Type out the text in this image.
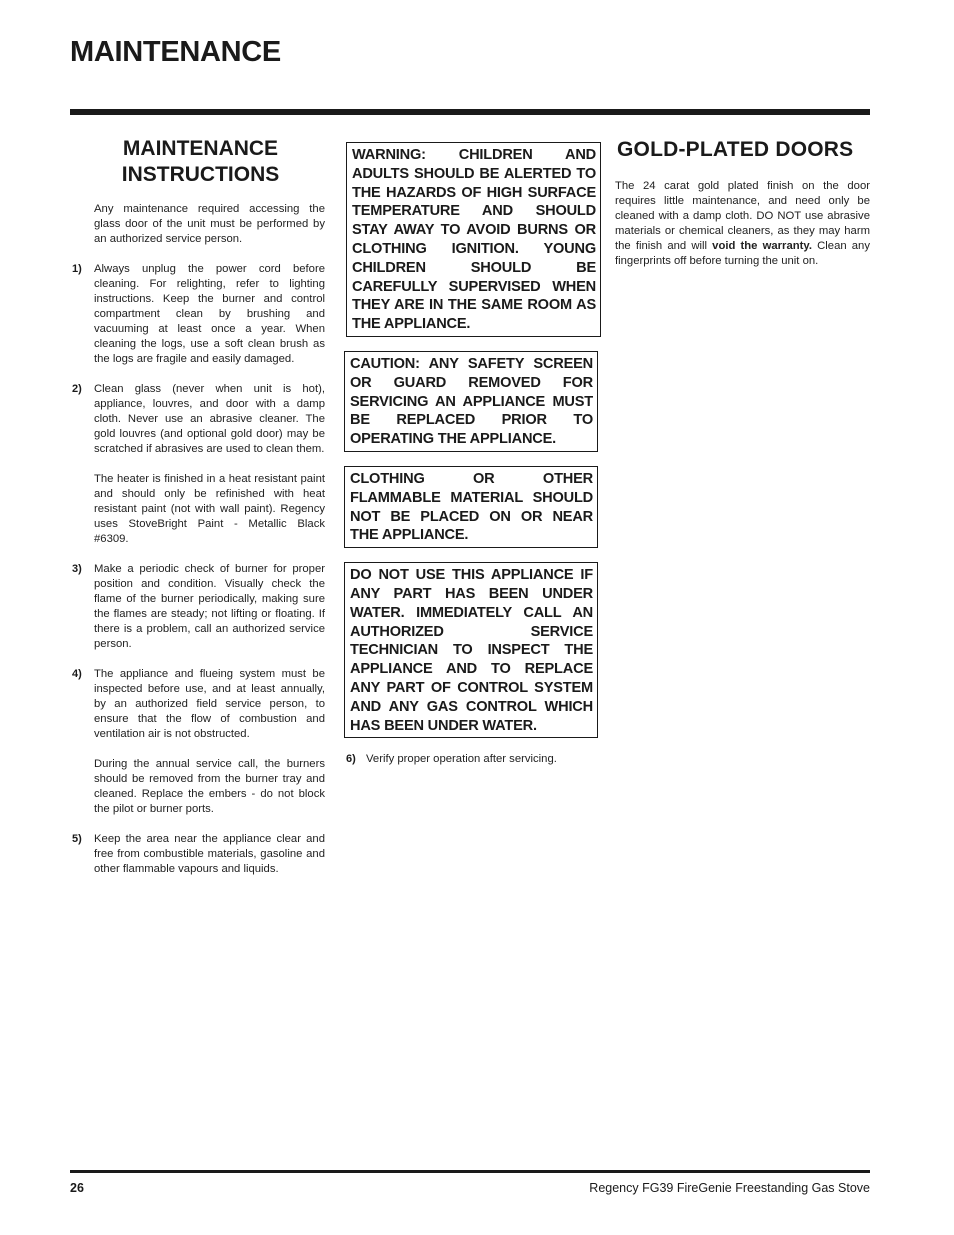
MAINTENANCE
MAINTENANCE
INSTRUCTIONS
Any maintenance required accessing the glass door of the unit must be performed by an authorized service person.
1) Always unplug the power cord before cleaning. For relighting, refer to lighting instructions. Keep the burner and control compartment clean by brushing and vacuuming at least once a year. When cleaning the logs, use a soft clean brush as the logs are fragile and easily damaged.
2) Clean glass (never when unit is hot), appliance, louvres, and door with a damp cloth. Never use an abrasive cleaner. The gold louvres (and optional gold door) may be scratched if abrasives are used to clean them.
The heater is finished in a heat resistant paint and should only be refinished with heat resistant paint (not with wall paint). Regency uses StoveBright Paint - Metallic Black #6309.
3) Make a periodic check of burner for proper position and condition. Visually check the flame of the burner periodically, making sure the flames are steady; not lifting or floating. If there is a problem, call an authorized service person.
4) The appliance and flueing system must be inspected before use, and at least annually, by an authorized field service person, to ensure that the flow of combustion and ventilation air is not obstructed.
During the annual service call, the burners should be removed from the burner tray and cleaned. Replace the embers - do not block the pilot or burner ports.
5) Keep the area near the appliance clear and free from combustible materials, gasoline and other flammable vapours and liquids.
WARNING: CHILDREN AND ADULTS SHOULD BE ALERTED TO THE HAZARDS OF HIGH SURFACE TEMPERATURE AND SHOULD STAY AWAY TO AVOID BURNS OR CLOTHING IGNITION. YOUNG CHILDREN SHOULD BE CAREFULLY SUPERVISED WHEN THEY ARE IN THE SAME ROOM AS THE APPLIANCE.
CAUTION: ANY SAFETY SCREEN OR GUARD REMOVED FOR SERVICING AN APPLIANCE MUST BE REPLACED PRIOR TO OPERATING THE APPLIANCE.
CLOTHING OR OTHER FLAMMABLE MATERIAL SHOULD NOT BE PLACED ON OR NEAR THE APPLIANCE.
DO NOT USE THIS APPLIANCE IF ANY PART HAS BEEN UNDER WATER. IMMEDIATELY CALL AN AUTHORIZED SERVICE TECHNICIAN TO INSPECT THE APPLIANCE AND TO REPLACE ANY PART OF CONTROL SYSTEM AND ANY GAS CONTROL WHICH HAS BEEN UNDER WATER.
6) Verify proper operation after servicing.
GOLD-PLATED DOORS
The 24 carat gold plated finish on the door requires little maintenance, and need only be cleaned with a damp cloth. DO NOT use abrasive materials or chemical cleaners, as they may harm the finish and will void the warranty. Clean any fingerprints off before turning the unit on.
26	Regency FG39 FireGenie Freestanding Gas Stove
